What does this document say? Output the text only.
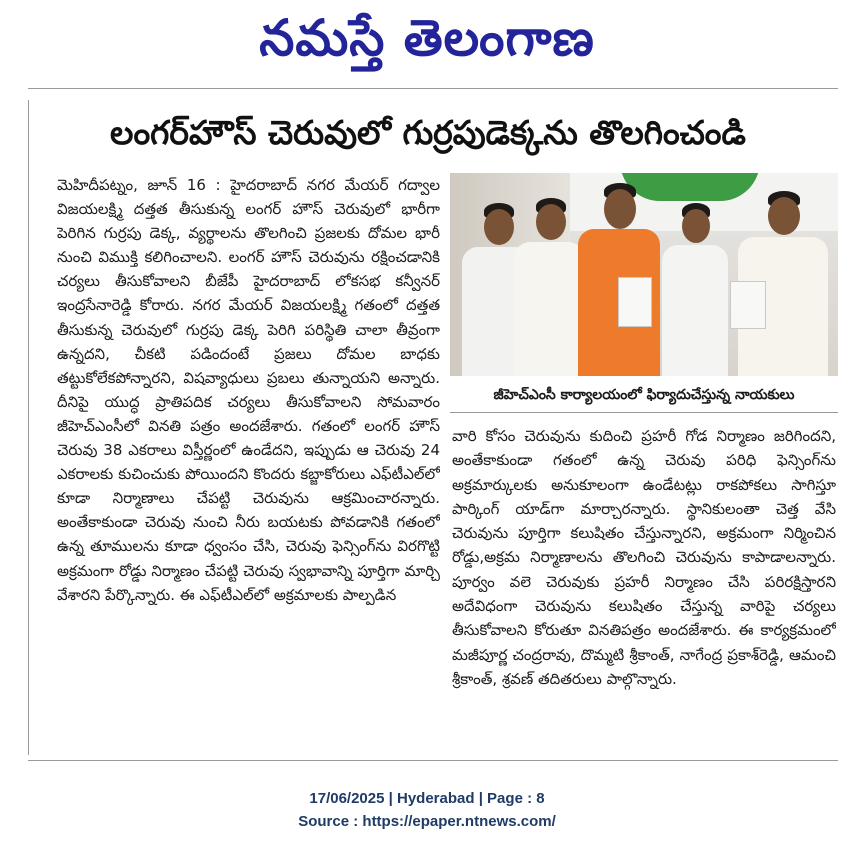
నమస్తే తెలంగాణ
లంగర్‌హౌస్ చెరువులో గుర్రపుడెక్కను తొలగించండి
మెహిదీపట్నం, జూన్ 16 : హైదరాబాద్ నగర మేయర్ గద్వాల విజయలక్ష్మి దత్తత తీసుకున్న లంగర్ హౌస్ చెరువులో భారీగా పెరిగిన గుర్రపు డెక్క, వ్యర్థాలను తొలగించి ప్రజలకు దోమల భారీ నుంచి విముక్తి కలిగించాలని. లంగర్ హౌస్ చెరువును రక్షించడానికి చర్యలు తీసుకోవాలని బీజేపీ హైదరాబాద్ లోకసభ కన్వీనర్ ఇంద్రసేనారెడ్డి కోరారు. నగర మేయర్ విజయలక్ష్మి గతంలో దత్తత తీసుకున్న చెరువులో గుర్రపు డెక్క పెరిగి పరిస్థితి చాలా తీవ్రంగా ఉన్నదని, చీకటి పడిందంటే ప్రజలు దోమల బాధకు తట్టుకోలేకపోన్నారని, విషవ్యాధులు ప్రబలు తున్నాయని అన్నారు. దీనిపై యుద్ధ ప్రాతిపదిక చర్యలు తీసుకోవాలని సోమవారం జీహెచ్‌ఎంసీలో వినతి పత్రం అందజేశారు. గతంలో లంగర్ హౌస్ చెరువు 38 ఎకరాలు విస్తీర్ణంలో ఉండేదని, ఇప్పుడు ఆ చెరువు 24 ఎకరాలకు కుచించుకు పోయిందని కొందరు కబ్జాకోరులు ఎఫ్‌టీఎల్‌లో కూడా నిర్మాణాలు చేపట్టి చెరువును ఆక్రమించారన్నారు. అంతేకాకుండా చెరువు నుంచి నీరు బయటకు పోవడానికి గతంలో ఉన్న తూములను కూడా ధ్వంసం చేసి, చెరువు ఫెన్సింగ్‌ను విరగొట్టి అక్రమంగా రోడ్డు నిర్మాణం చేపట్టి చెరువు స్వభావాన్ని పూర్తిగా మార్చి వేశారని పేర్కొన్నారు. ఈ ఎఫ్‌టీఎల్‌లో అక్రమాలకు పాల్పడిన
జీహెచ్‌ఎంసీ కార్యాలయంలో ఫిర్యాదుచేస్తున్న నాయకులు
వారి కోసం చెరువును కుదించి ప్రహరీ గోడ నిర్మాణం జరిగిందని, అంతేకాకుండా గతంలో ఉన్న చెరువు పరిధి ఫెన్సింగ్‌ను అక్రమార్కులకు అనుకూలంగా ఉండేటట్లు రాకపోకలు సాగిస్తూ పార్కింగ్ యాడ్‌గా మార్చారన్నారు. స్థానికులంతా చెత్త వేసి చెరువును పూర్తిగా కలుషితం చేస్తున్నారని, అక్రమంగా నిర్మించిన రోడ్డు,అక్రమ నిర్మాణాలను తొలగించి చెరువును కాపాడాలన్నారు. పూర్వం వలె చెరువుకు ప్రహరీ నిర్మాణం చేసి పరిరక్షిస్తారని అదేవిధంగా చెరువును కలుషితం చేస్తున్న వారిపై చర్యలు తీసుకోవాలని కోరుతూ వినతిపత్రం అందజేశారు. ఈ కార్యక్రమంలో మజీపూర్ణ చంద్రరావు, దొమ్మటి శ్రీకాంత్, నాగేంద్ర ప్రకాశ్‌రెడ్డి, ఆమంచి శ్రీకాంత్, శ్రవణ్ తదితరులు పాల్గొన్నారు.
17/06/2025 | Hyderabad | Page : 8
Source : https://epaper.ntnews.com/
